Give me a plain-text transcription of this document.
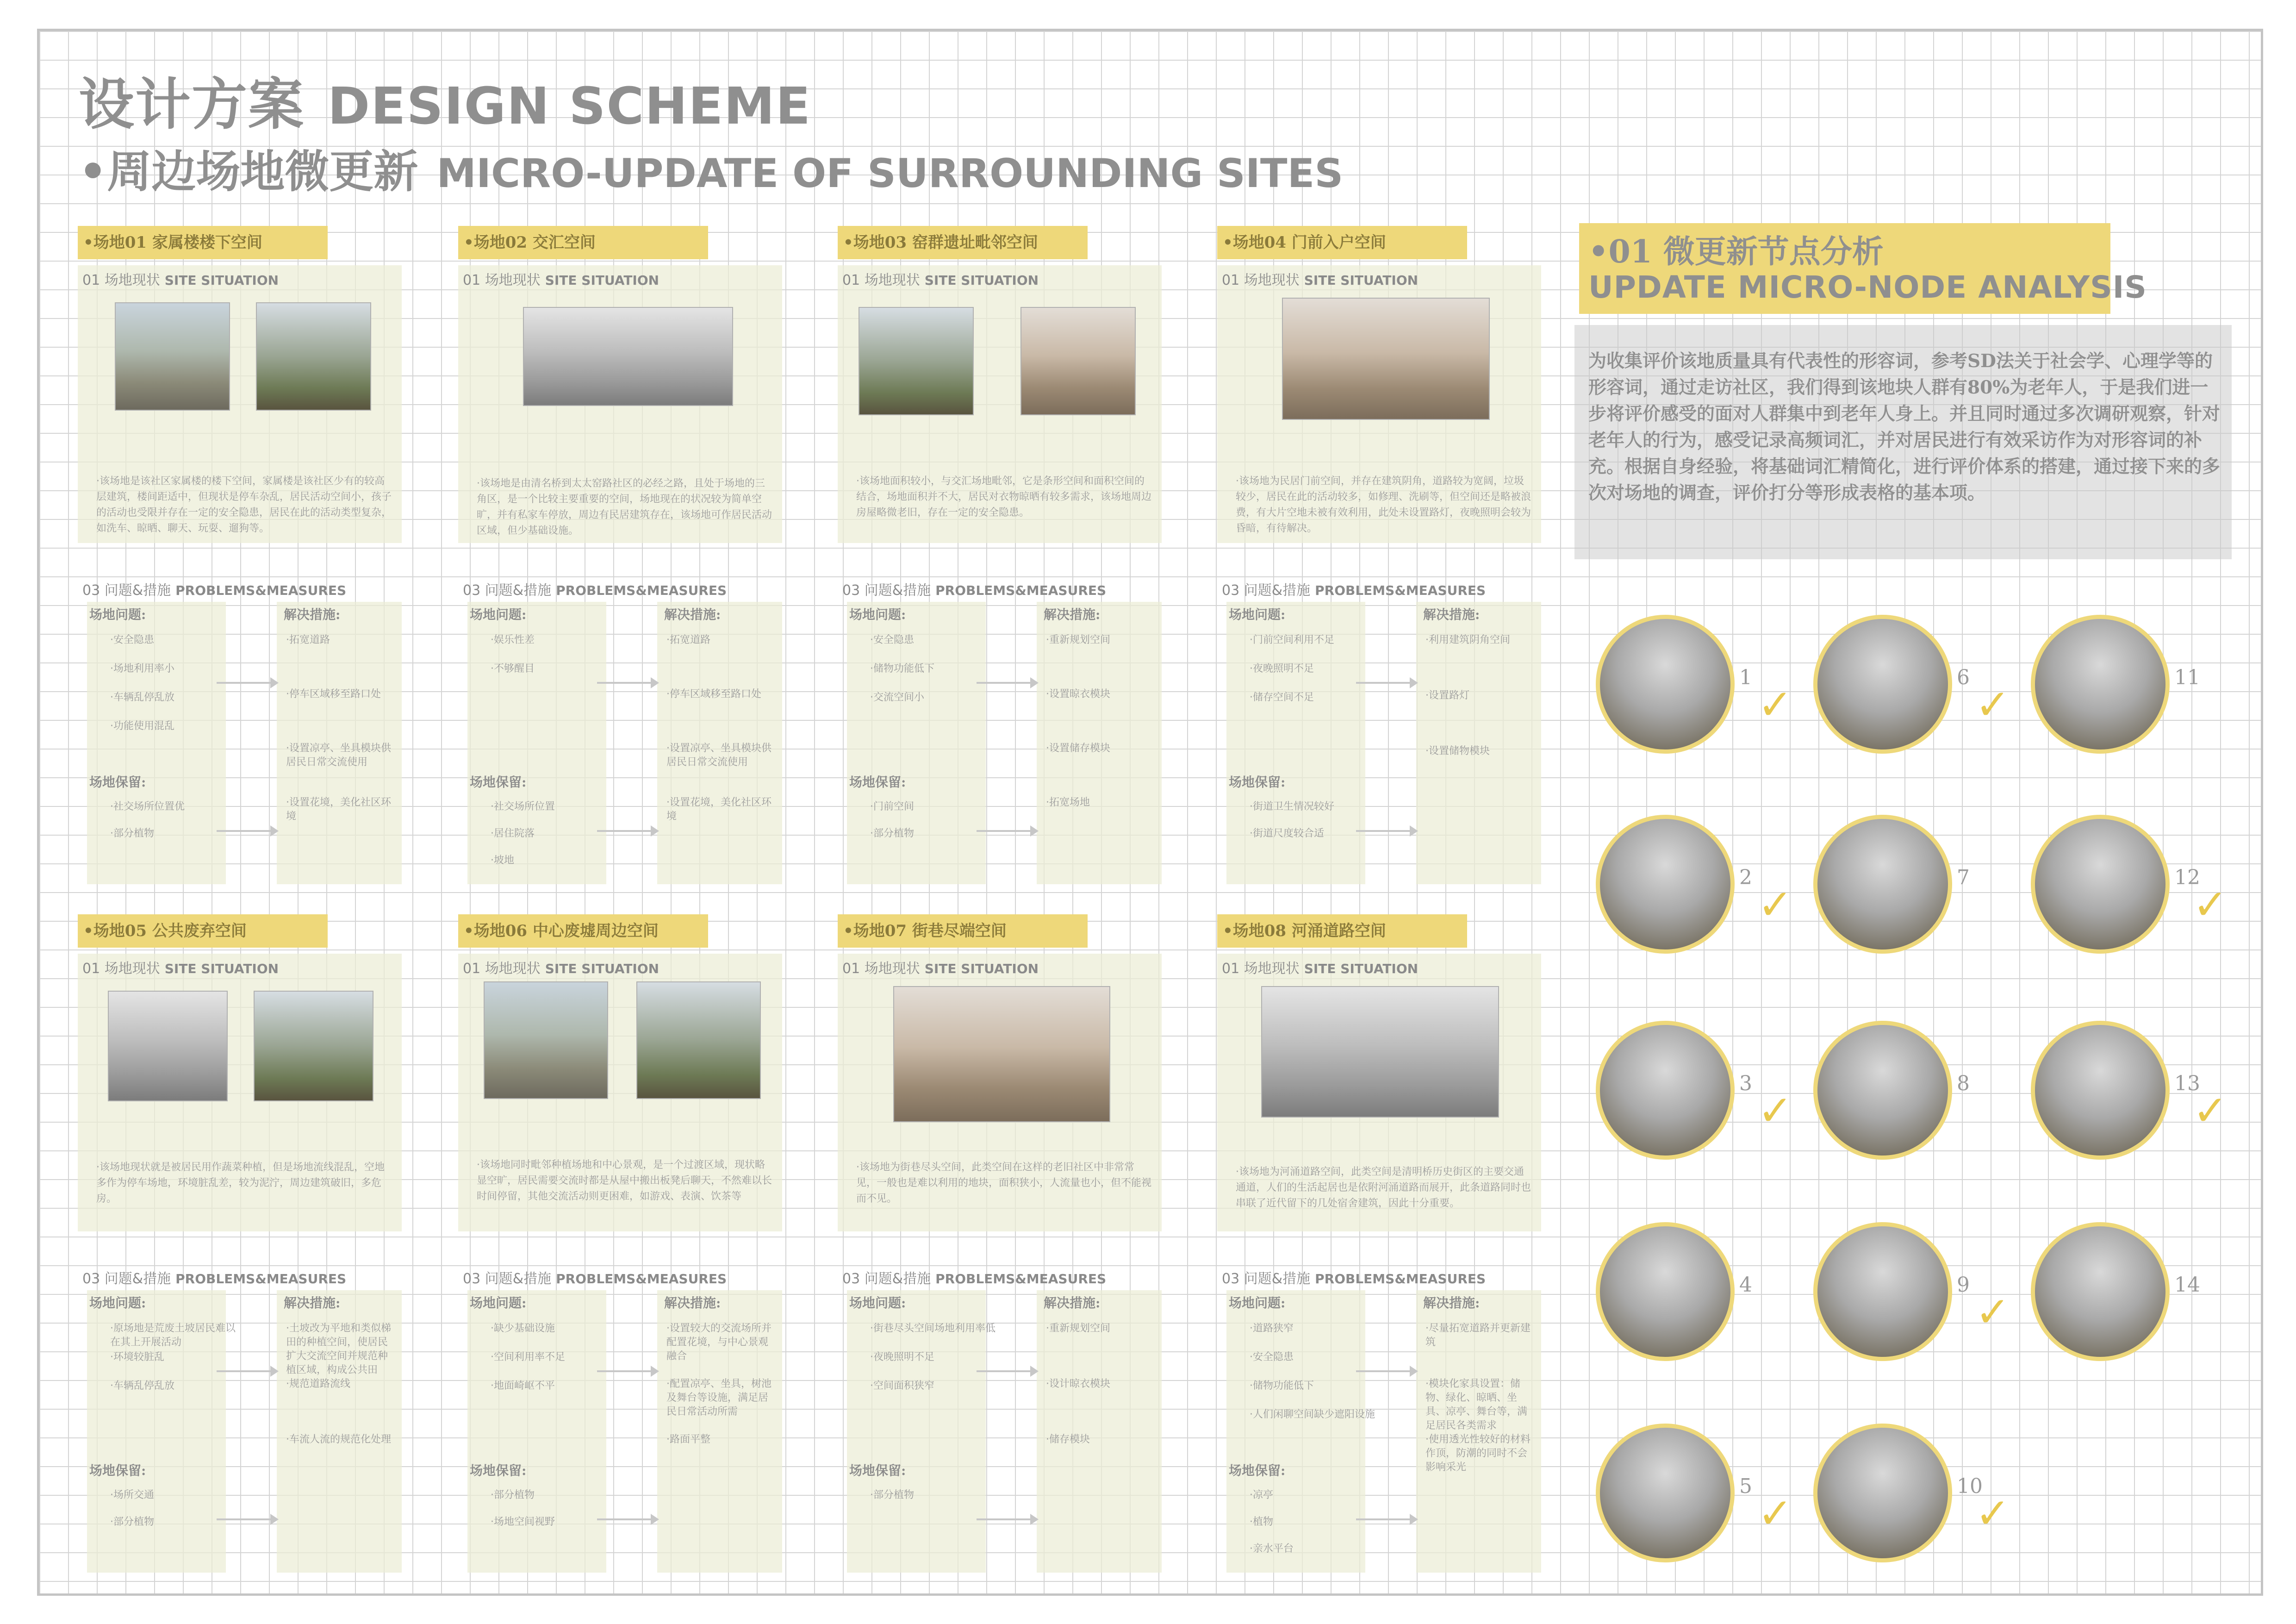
设计方案 DESIGN SCHEME
•周边场地微更新 MICRO-UPDATE OF SURROUNDING SITES
•场地01 家属楼楼下空间
01 场地现状 SITE SITUATION
·该场地是该社区家属楼的楼下空间，家属楼是该社区少有的较高层建筑，楼间距适中，但现状是停车杂乱，居民活动空间小，孩子的活动也受限并存在一定的安全隐患，居民在此的活动类型复杂，如洗车、晾晒、聊天、玩耍、遛狗等。
03 问题&措施 PROBLEMS&MEASURES
场地问题:
·安全隐患
·场地利用率小
·车辆乱停乱放
·功能使用混乱
场地保留:
·社交场所位置优
·部分植物
解决措施:
·拓宽道路
·停车区域移至路口处
·设置凉亭、坐具模块供居民日常交流使用
·设置花境，美化社区环境
•场地02 交汇空间
01 场地现状 SITE SITUATION
·该场地是由清名桥到太太窑路社区的必经之路，且处于场地的三角区，是一个比较主要重要的空间，场地现在的状况较为简单空旷，并有私家车停放，周边有民居建筑存在，该场地可作居民活动区域，但少基础设施。
03 问题&措施 PROBLEMS&MEASURES
场地问题:
·娱乐性差
·不够醒目
场地保留:
·社交场所位置
·居住院落
·坡地
解决措施:
·拓宽道路
·停车区域移至路口处
·设置凉亭、坐具模块供居民日常交流使用
·设置花境，美化社区环境
•场地03 窑群遗址毗邻空间
01 场地现状 SITE SITUATION
·该场地面积较小，与交汇场地毗邻，它是条形空间和面积空间的结合，场地面积并不大，居民对衣物晾晒有较多需求，该场地周边房屋略微老旧，存在一定的安全隐患。
03 问题&措施 PROBLEMS&MEASURES
场地问题:
·安全隐患
·储物功能低下
·交流空间小
场地保留:
·门前空间
·部分植物
解决措施:
·重新规划空间
·设置晾衣模块
·设置储存模块
·拓宽场地
•场地04 门前入户空间
01 场地现状 SITE SITUATION
·该场地为民居门前空间，并存在建筑阴角，道路较为宽阔，垃圾较少，居民在此的活动较多，如修理、洗刷等，但空间还是略被浪费，有大片空地未被有效利用，此处未设置路灯，夜晚照明会较为昏暗，有待解决。
03 问题&措施 PROBLEMS&MEASURES
场地问题:
·门前空间利用不足
·夜晚照明不足
·储存空间不足
场地保留:
·街道卫生情况较好
·街道尺度较合适
解决措施:
·利用建筑阴角空间
·设置路灯
·设置储物模块
•场地05 公共废弃空间
01 场地现状 SITE SITUATION
·该场地现状就是被居民用作蔬菜种植，但是场地流线混乱，空地多作为停车场地，环境脏乱差，较为泥泞，周边建筑破旧，多危房。
03 问题&措施 PROBLEMS&MEASURES
场地问题:
·原场地是荒废土坡居民难以在其上开展活动
·环境较脏乱
·车辆乱停乱放
场地保留:
·场所交通
·部分植物
解决措施:
·土坡改为平地和类似梯田的种植空间，使居民扩大交流空间并规范种植区域，构成公共田
·规范道路流线
·车流人流的规范化处理
•场地06 中心废墟周边空间
01 场地现状 SITE SITUATION
·该场地同时毗邻种植场地和中心景观，是一个过渡区域，现状略显空旷，居民需要交流时都是从屋中搬出板凳后聊天，不然难以长时间停留，其他交流活动则更困难，如游戏、表演、饮茶等
03 问题&措施 PROBLEMS&MEASURES
场地问题:
·缺少基础设施
·空间利用率不足
·地面崎岖不平
场地保留:
·部分植物
·场地空间视野
解决措施:
·设置较大的交流场所并配置花境，与中心景观融合
·配置凉亭、坐具，树池及舞台等设施，满足居民日常活动所需
·路面平整
•场地07 街巷尽端空间
01 场地现状 SITE SITUATION
·该场地为街巷尽头空间，此类空间在这样的老旧社区中非常常见，一般也是难以利用的地块，面积狭小，人流量也小，但不能视而不见。
03 问题&措施 PROBLEMS&MEASURES
场地问题:
·街巷尽头空间场地利用率低
·夜晚照明不足
·空间面积狭窄
场地保留:
·部分植物
解决措施:
·重新规划空间
·设计晾衣模块
·储存模块
•场地08 河涌道路空间
01 场地现状 SITE SITUATION
·该场地为河涌道路空间，此类空间是清明桥历史街区的主要交通通道，人们的生活起居也是依附河涌道路而展开，此条道路同时也串联了近代留下的几处宿舍建筑，因此十分重要。
03 问题&措施 PROBLEMS&MEASURES
场地问题:
·道路狭窄
·安全隐患
·储物功能低下
·人们闲聊空间缺少遮阳设施
场地保留:
·凉亭
·植物
·亲水平台
解决措施:
·尽量拓宽道路并更新建筑
·模块化家具设置：储物、绿化、晾晒、坐具、凉亭、舞台等，满足居民各类需求
·使用透光性较好的材料作顶，防潮的同时不会影响采光
•01 微更新节点分析
UPDATE MICRO-NODE ANALYSIS
为收集评价该地质量具有代表性的形容词，参考SD法关于社会学、心理学等的形容词，通过走访社区，我们得到该地块人群有80%为老年人，于是我们进一步将评价感受的面对人群集中到老年人身上。并且同时通过多次调研观察，针对老年人的行为，感受记录高频词汇，并对居民进行有效采访作为对形容词的补充。根据自身经验，将基础词汇精简化，进行评价体系的搭建，通过接下来的多次对场地的调查，评价打分等形成表格的基本项。
1
✓
2
✓
3
✓
4
5
✓
6
✓
7
8
9
✓
10
✓
11
12
✓
13
✓
14
